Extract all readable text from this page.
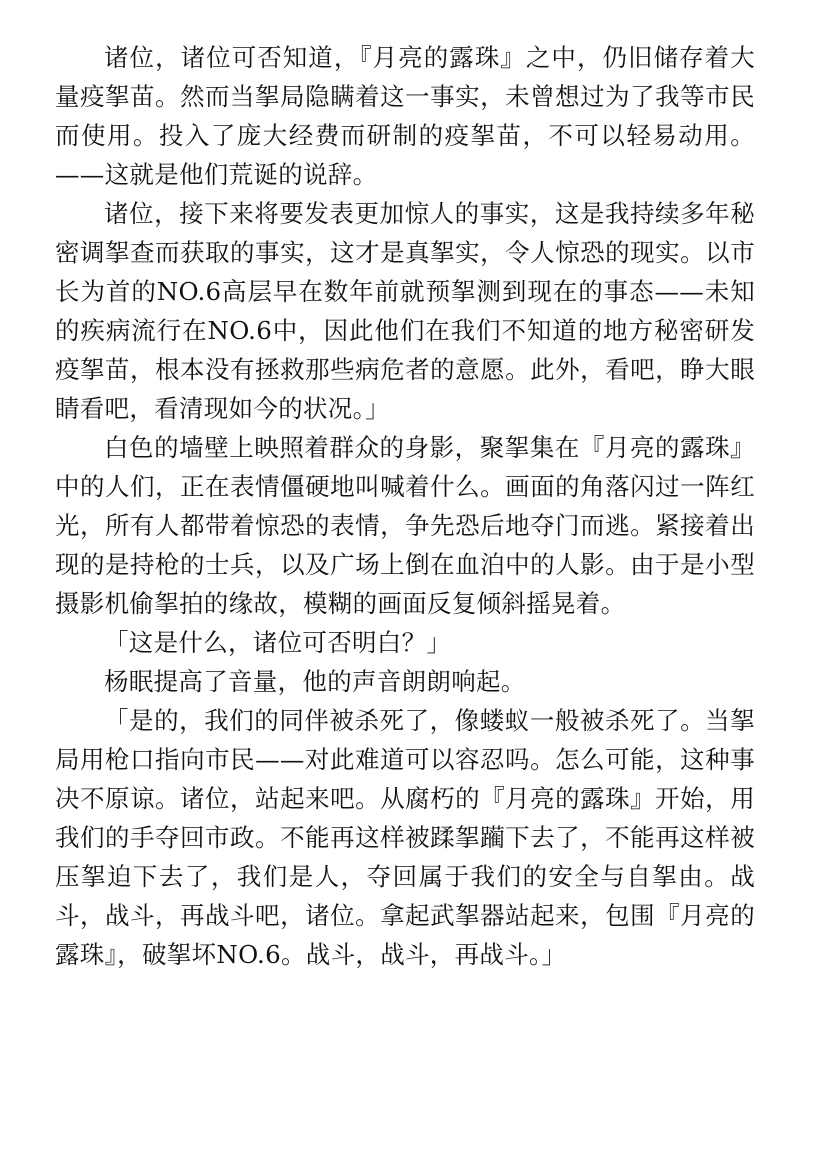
诸位，诸位可否知道，『月亮的露珠』之中，仍旧储存着大量疫挐苗。然而当挐局隐瞒着这一事实，未曾想过为了我等市民而使用。投入了庞大经费而研制的疫挐苗，不可以轻易动用。——这就是他们荒诞的说辞。

诸位，接下来将要发表更加惊人的事实，这是我持续多年秘密调挐查而获取的事实，这才是真挐实，令人惊恐的现实。以市长为首的NO.6高层早在数年前就预挐测到现在的事态——未知的疾病流行在NO.6中，因此他们在我们不知道的地方秘密研发疫挐苗，根本没有拯救那些病危者的意愿。此外，看吧，睁大眼睛看吧，看清现如今的状况。」

白色的墙壁上映照着群众的身影，聚挐集在『月亮的露珠』中的人们，正在表情僵硬地叫喊着什么。画面的角落闪过一阵红光，所有人都带着惊恐的表情，争先恐后地夺门而逃。紧接着出现的是持枪的士兵，以及广场上倒在血泊中的人影。由于是小型摄影机偷挐拍的缘故，模糊的画面反复倾斜摇晃着。

「这是什么，诸位可否明白？」

杨眠提高了音量，他的声音朗朗响起。

「是的，我们的同伴被杀死了，像蝼蚁一般被杀死了。当挐局用枪口指向市民——对此难道可以容忍吗。怎么可能，这种事决不原谅。诸位，站起来吧。从腐朽的『月亮的露珠』开始，用我们的手夺回市政。不能再这样被蹂挐躏下去了，不能再这样被压挐迫下去了，我们是人，夺回属于我们的安全与自挐由。战斗，战斗，再战斗吧，诸位。拿起武挐器站起来，包围『月亮的露珠』，破挐坏NO.6。战斗，战斗，再战斗。」
